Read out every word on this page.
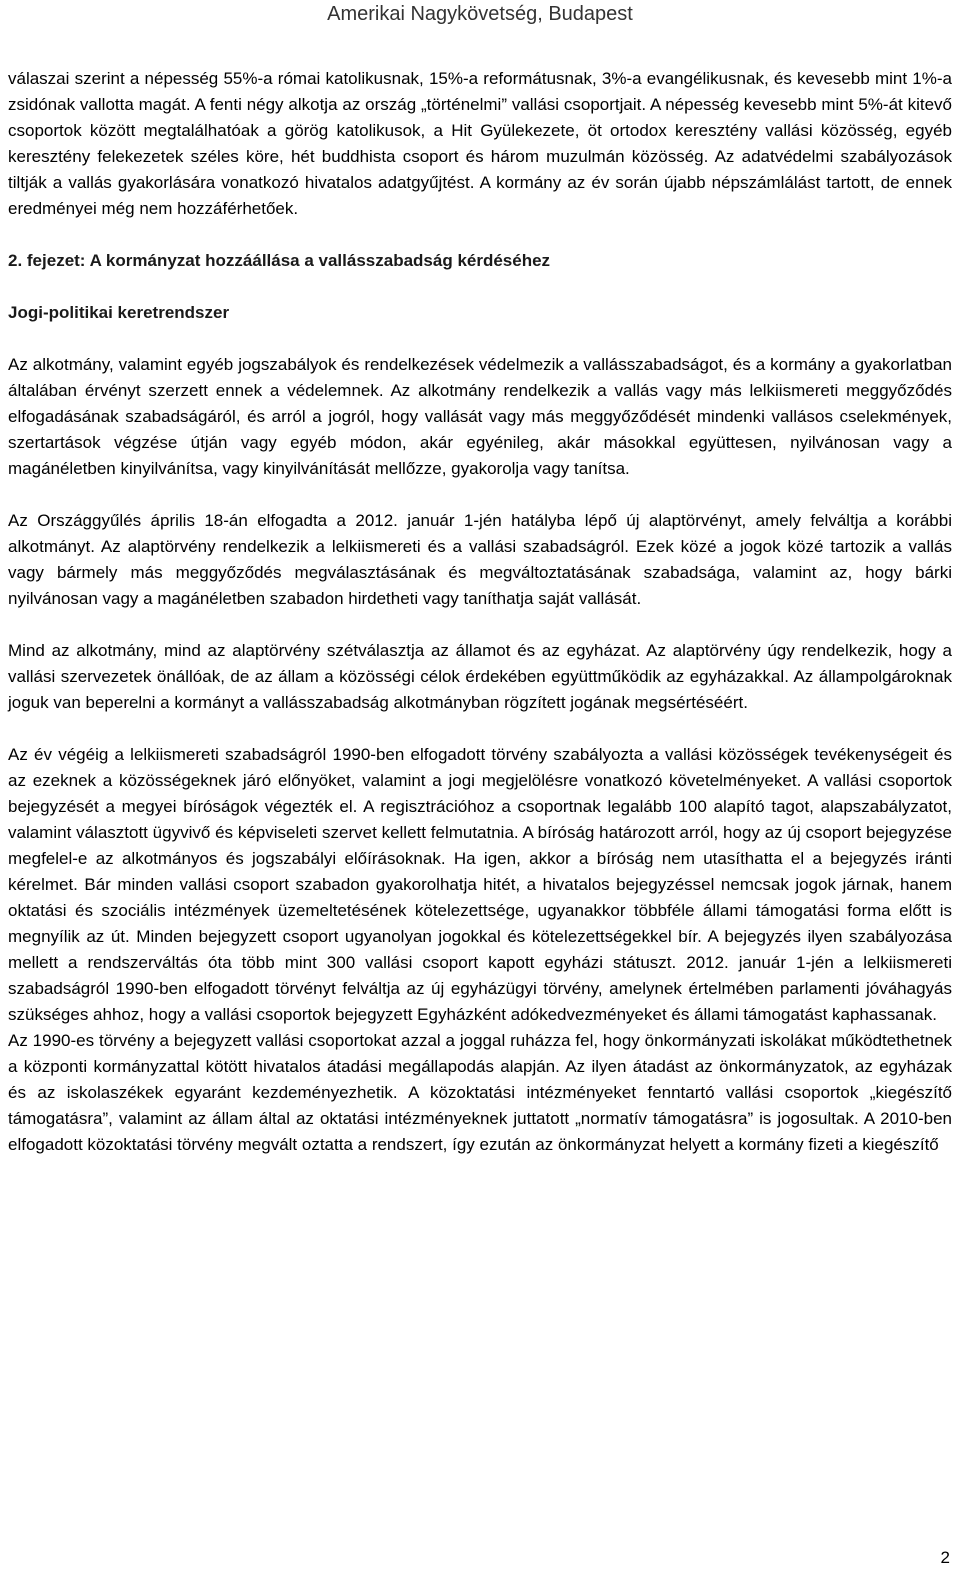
Amerikai Nagykövetség, Budapest

válaszai szerint a népesség 55%-a római katolikusnak, 15%-a reformátusnak, 3%-a evangélikusnak, és kevesebb mint 1%-a zsidónak vallotta magát. A fenti négy alkotja az ország „történelmi” vallási csoportjait. A népesség kevesebb mint 5%-át kitevő csoportok között megtalálhatóak a görög katolikusok, a Hit Gyülekezete, öt ortodox keresztény vallási közösség, egyéb keresztény felekezetek széles köre, hét buddhista csoport és három muzulmán közösség. Az adatvédelmi szabályozások tiltják a vallás gyakorlására vonatkozó hivatalos adatgyűjtést. A kormány az év során újabb népszámlálást tartott, de ennek eredményei még nem hozzáférhetőek.

2. fejezet: A kormányzat hozzáállása a vallásszabadság kérdéséhez
Jogi-politikai keretrendszer

Az alkotmány, valamint egyéb jogszabályok és rendelkezések védelmezik a vallásszabadságot, és a kormány a gyakorlatban általában érvényt szerzett ennek a védelemnek. Az alkotmány rendelkezik a vallás vagy más lelkiismereti meggyőződés elfogadásának szabadságáról, és arról a jogról, hogy vallását vagy más meggyőződését mindenki vallásos cselekmények, szertartások végzése útján vagy egyéb módon, akár egyénileg, akár másokkal együttesen, nyilvánosan vagy a magánéletben kinyilvánítsa, vagy kinyilvánítását mellőzze, gyakorolja vagy tanítsa.

Az Országgyűlés április 18-án elfogadta a 2012. január 1-jén hatályba lépő új alaptörvényt, amely felváltja a korábbi alkotmányt. Az alaptörvény rendelkezik a lelkiismereti és a vallási szabadságról. Ezek közé a jogok közé tartozik a vallás vagy bármely más meggyőződés megválasztásának és megváltoztatásának szabadsága, valamint az, hogy bárki nyilvánosan vagy a magánéletben szabadon hirdetheti vagy taníthatja saját vallását.

Mind az alkotmány, mind az alaptörvény szétválasztja az államot és az egyházat. Az alaptörvény úgy rendelkezik, hogy a vallási szervezetek önállóak, de az állam a közösségi célok érdekében együttműködik az egyházakkal. Az állampolgároknak joguk van beperelni a kormányt a vallásszabadság alkotmányban rögzített jogának megsértéséért.

Az év végéig a lelkiismereti szabadságról 1990-ben elfogadott törvény szabályozta a vallási közösségek tevékenységeit és az ezeknek a közösségeknek járó előnyöket, valamint a jogi megjelölésre vonatkozó követelményeket. A vallási csoportok bejegyzését a megyei bíróságok végezték el. A regisztrációhoz a csoportnak legalább 100 alapító tagot, alapszabályzatot, valamint választott ügyvivő és képviseleti szervet kellett felmutatnia. A bíróság határozott arról, hogy az új csoport bejegyzése megfelel-e az alkotmányos és jogszabályi előírásoknak. Ha igen, akkor a bíróság nem utasíthatta el a bejegyzés iránti kérelmet. Bár minden vallási csoport szabadon gyakorolhatja hitét, a hivatalos bejegyzéssel nemcsak jogok járnak, hanem oktatási és szociális intézmények üzemeltetésének kötelezettsége, ugyanakkor többféle állami támogatási forma előtt is megnyílik az út. Minden bejegyzett csoport ugyanolyan jogokkal és kötelezettségekkel bír. A bejegyzés ilyen szabályozása mellett a rendszerváltás óta több mint 300 vallási csoport kapott egyházi státuszt. 2012. január 1-jén a lelkiismereti szabadságról 1990-ben elfogadott törvényt felváltja az új egyházügyi törvény, amelynek értelmében parlamenti jóváhagyás szükséges ahhoz, hogy a vallási csoportok bejegyzett Egyházként adókedvezményeket és állami támogatást kaphassanak.

Az 1990-es törvény a bejegyzett vallási csoportokat azzal a joggal ruházza fel, hogy önkormányzati iskolákat működtethetnek a központi kormányzattal kötött hivatalos átadási megállapodás alapján. Az ilyen átadást az önkormányzatok, az egyházak és az iskolaszékek egyaránt kezdeményezhetik. A közoktatási intézményeket fenntartó vallási csoportok „kiegészítő támogatásra”, valamint az állam által az oktatási intézményeknek juttatott „normatív támogatásra” is jogosultak. A 2010-ben elfogadott közoktatási törvény megvált oztatta a rendszert, így ezután az önkormányzat helyett a kormány fizeti a kiegészítő

2
